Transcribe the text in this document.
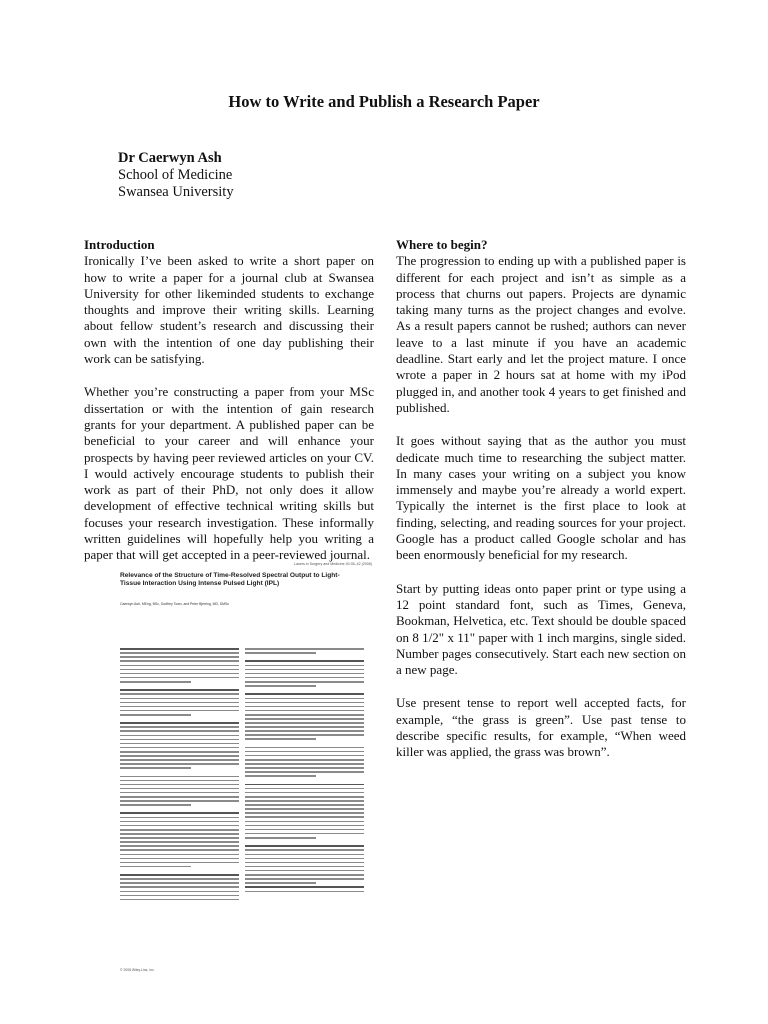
How to Write and Publish a Research Paper
Dr Caerwyn Ash
School of Medicine
Swansea University
Introduction

Ironically I’ve been asked to write a short paper on how to write a paper for a journal club at Swansea University for other likeminded students to exchange thoughts and improve their writing skills. Learning about fellow student’s research and discussing their own with the intention of one day publishing their work can be satisfying.

Whether you’re constructing a paper from your MSc dissertation or with the intention of gain research grants for your department. A published paper can be beneficial to your career and will enhance your prospects by having peer reviewed articles on your CV. I would actively encourage students to publish their work as part of their PhD, not only does it allow development of effective technical writing skills but focuses your research investigation. These informally written guidelines will hopefully help you writing a paper that will get accepted in a peer-reviewed journal.

Lasers in Surgery and Medicine 40:35–42 (2008)
Relevance of the Structure of Time-Resolved Spectral Output to Light-Tissue Interaction Using Intense Pulsed Light (IPL)
Caerwyn Ash, MEng, BSc, Godfrey Town, and Peter Bjerring, MD, DMSc
© 2008 Wiley-Liss, Inc.
Where to begin?

The progression to ending up with a published paper is different for each project and isn’t as simple as a process that churns out papers. Projects are dynamic taking many turns as the project changes and evolve. As a result papers cannot be rushed; authors can never leave to a last minute if you have an academic deadline. Start early and let the project mature. I once wrote a paper in 2 hours sat at home with my iPod plugged in, and another took 4 years to get finished and published.

It goes without saying that as the author you must dedicate much time to researching the subject matter. In many cases your writing on a subject you know immensely and maybe you’re already a world expert. Typically the internet is the first place to look at finding, selecting, and reading sources for your project. Google has a product called Google scholar and has been enormously beneficial for my research.

Start by putting ideas onto paper print or type using a 12 point standard font, such as Times, Geneva, Bookman, Helvetica, etc. Text should be double spaced on 8 1/2" x 11" paper with 1 inch margins, single sided. Number pages consecutively. Start each new section on a new page.

Use present tense to report well accepted facts, for example, “the grass is green”. Use past tense to describe specific results, for example, “When weed killer was applied, the grass was brown”.
